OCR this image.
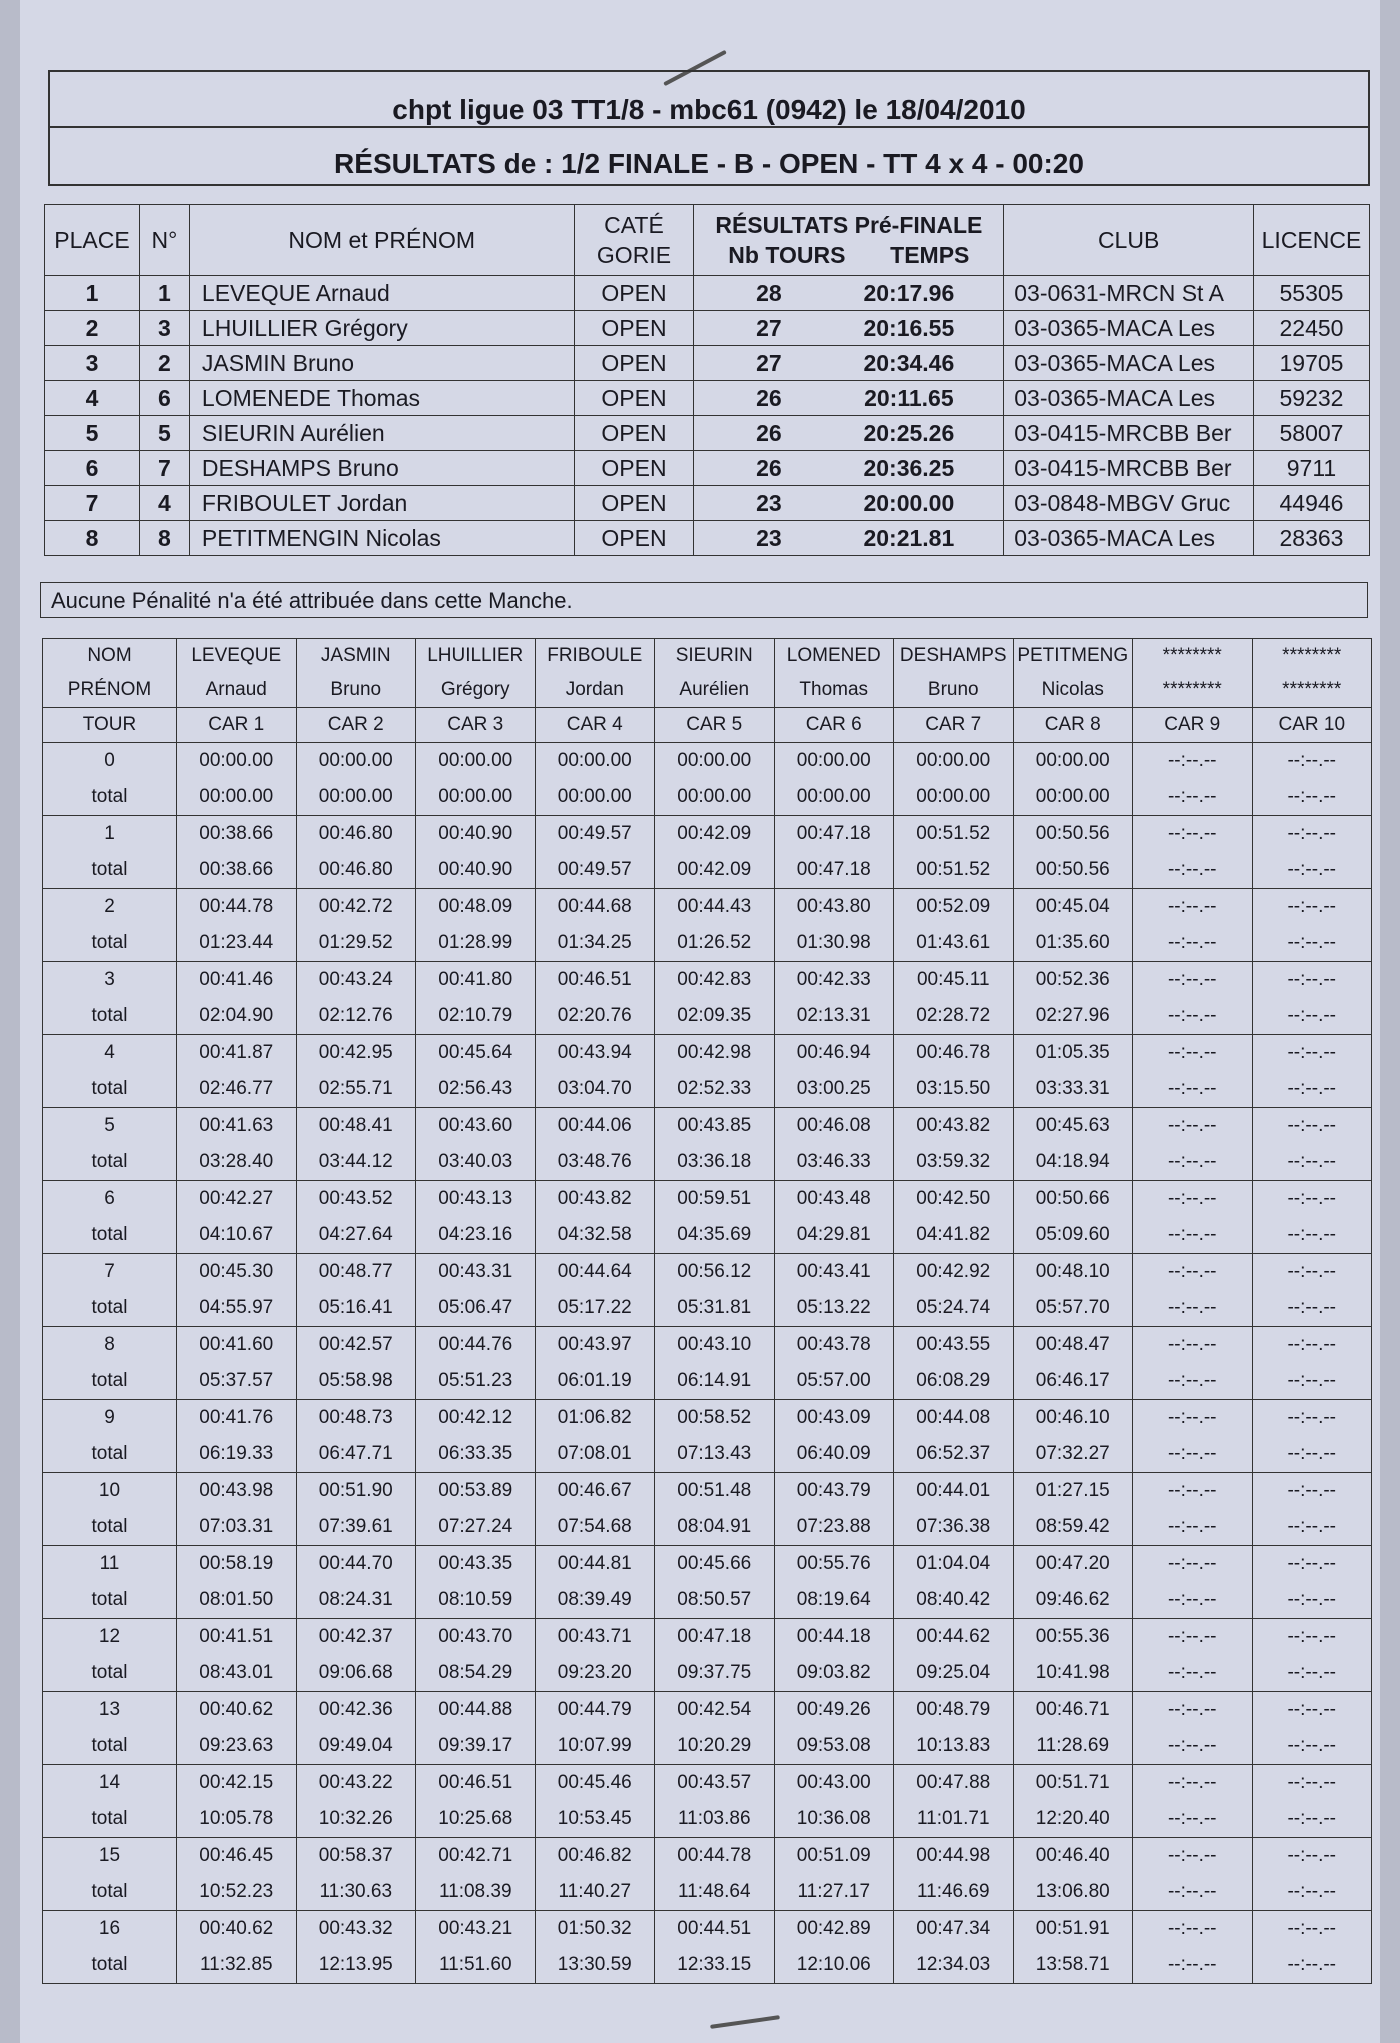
chpt ligue 03 TT1/8 - mbc61 (0942) le 18/04/2010
RÉSULTATS de : 1/2 FINALE - B - OPEN - TT 4 x 4 - 00:20
PLACE	N°	NOM et PRÉNOM	CATÉ
GORIE	RÉSULTATS Pré-FINALE
Nb TOURS TEMPS	CLUB	LICENCE
1	1	LEVEQUE Arnaud	OPEN	28 20:17.96	03-0631-MRCN St A	55305
2	3	LHUILLIER Grégory	OPEN	27 20:16.55	03-0365-MACA Les	22450
3	2	JASMIN Bruno	OPEN	27 20:34.46	03-0365-MACA Les	19705
4	6	LOMENEDE Thomas	OPEN	26 20:11.65	03-0365-MACA Les	59232
5	5	SIEURIN Aurélien	OPEN	26 20:25.26	03-0415-MRCBB Ber	58007
6	7	DESHAMPS Bruno	OPEN	26 20:36.25	03-0415-MRCBB Ber	9711
7	4	FRIBOULET Jordan	OPEN	23 20:00.00	03-0848-MBGV Gruc	44946
8	8	PETITMENGIN Nicolas	OPEN	23 20:21.81	03-0365-MACA Les	28363
Aucune Pénalité n'a été attribuée dans cette Manche.
NOM	LEVEQUE	JASMIN	LHUILLIER	FRIBOULE	SIEURIN	LOMENED	DESHAMPS	PETITMENG	********	********
PRÉNOM	Arnaud	Bruno	Grégory	Jordan	Aurélien	Thomas	Bruno	Nicolas	********	********
TOUR	CAR 1	CAR 2	CAR 3	CAR 4	CAR 5	CAR 6	CAR 7	CAR 8	CAR 9	CAR 10
0	00:00.00	00:00.00	00:00.00	00:00.00	00:00.00	00:00.00	00:00.00	00:00.00	--:--.--	--:--.--
total	00:00.00	00:00.00	00:00.00	00:00.00	00:00.00	00:00.00	00:00.00	00:00.00	--:--.--	--:--.--
1	00:38.66	00:46.80	00:40.90	00:49.57	00:42.09	00:47.18	00:51.52	00:50.56	--:--.--	--:--.--
total	00:38.66	00:46.80	00:40.90	00:49.57	00:42.09	00:47.18	00:51.52	00:50.56	--:--.--	--:--.--
2	00:44.78	00:42.72	00:48.09	00:44.68	00:44.43	00:43.80	00:52.09	00:45.04	--:--.--	--:--.--
total	01:23.44	01:29.52	01:28.99	01:34.25	01:26.52	01:30.98	01:43.61	01:35.60	--:--.--	--:--.--
3	00:41.46	00:43.24	00:41.80	00:46.51	00:42.83	00:42.33	00:45.11	00:52.36	--:--.--	--:--.--
total	02:04.90	02:12.76	02:10.79	02:20.76	02:09.35	02:13.31	02:28.72	02:27.96	--:--.--	--:--.--
4	00:41.87	00:42.95	00:45.64	00:43.94	00:42.98	00:46.94	00:46.78	01:05.35	--:--.--	--:--.--
total	02:46.77	02:55.71	02:56.43	03:04.70	02:52.33	03:00.25	03:15.50	03:33.31	--:--.--	--:--.--
5	00:41.63	00:48.41	00:43.60	00:44.06	00:43.85	00:46.08	00:43.82	00:45.63	--:--.--	--:--.--
total	03:28.40	03:44.12	03:40.03	03:48.76	03:36.18	03:46.33	03:59.32	04:18.94	--:--.--	--:--.--
6	00:42.27	00:43.52	00:43.13	00:43.82	00:59.51	00:43.48	00:42.50	00:50.66	--:--.--	--:--.--
total	04:10.67	04:27.64	04:23.16	04:32.58	04:35.69	04:29.81	04:41.82	05:09.60	--:--.--	--:--.--
7	00:45.30	00:48.77	00:43.31	00:44.64	00:56.12	00:43.41	00:42.92	00:48.10	--:--.--	--:--.--
total	04:55.97	05:16.41	05:06.47	05:17.22	05:31.81	05:13.22	05:24.74	05:57.70	--:--.--	--:--.--
8	00:41.60	00:42.57	00:44.76	00:43.97	00:43.10	00:43.78	00:43.55	00:48.47	--:--.--	--:--.--
total	05:37.57	05:58.98	05:51.23	06:01.19	06:14.91	05:57.00	06:08.29	06:46.17	--:--.--	--:--.--
9	00:41.76	00:48.73	00:42.12	01:06.82	00:58.52	00:43.09	00:44.08	00:46.10	--:--.--	--:--.--
total	06:19.33	06:47.71	06:33.35	07:08.01	07:13.43	06:40.09	06:52.37	07:32.27	--:--.--	--:--.--
10	00:43.98	00:51.90	00:53.89	00:46.67	00:51.48	00:43.79	00:44.01	01:27.15	--:--.--	--:--.--
total	07:03.31	07:39.61	07:27.24	07:54.68	08:04.91	07:23.88	07:36.38	08:59.42	--:--.--	--:--.--
11	00:58.19	00:44.70	00:43.35	00:44.81	00:45.66	00:55.76	01:04.04	00:47.20	--:--.--	--:--.--
total	08:01.50	08:24.31	08:10.59	08:39.49	08:50.57	08:19.64	08:40.42	09:46.62	--:--.--	--:--.--
12	00:41.51	00:42.37	00:43.70	00:43.71	00:47.18	00:44.18	00:44.62	00:55.36	--:--.--	--:--.--
total	08:43.01	09:06.68	08:54.29	09:23.20	09:37.75	09:03.82	09:25.04	10:41.98	--:--.--	--:--.--
13	00:40.62	00:42.36	00:44.88	00:44.79	00:42.54	00:49.26	00:48.79	00:46.71	--:--.--	--:--.--
total	09:23.63	09:49.04	09:39.17	10:07.99	10:20.29	09:53.08	10:13.83	11:28.69	--:--.--	--:--.--
14	00:42.15	00:43.22	00:46.51	00:45.46	00:43.57	00:43.00	00:47.88	00:51.71	--:--.--	--:--.--
total	10:05.78	10:32.26	10:25.68	10:53.45	11:03.86	10:36.08	11:01.71	12:20.40	--:--.--	--:--.--
15	00:46.45	00:58.37	00:42.71	00:46.82	00:44.78	00:51.09	00:44.98	00:46.40	--:--.--	--:--.--
total	10:52.23	11:30.63	11:08.39	11:40.27	11:48.64	11:27.17	11:46.69	13:06.80	--:--.--	--:--.--
16	00:40.62	00:43.32	00:43.21	01:50.32	00:44.51	00:42.89	00:47.34	00:51.91	--:--.--	--:--.--
total	11:32.85	12:13.95	11:51.60	13:30.59	12:33.15	12:10.06	12:34.03	13:58.71	--:--.--	--:--.--
